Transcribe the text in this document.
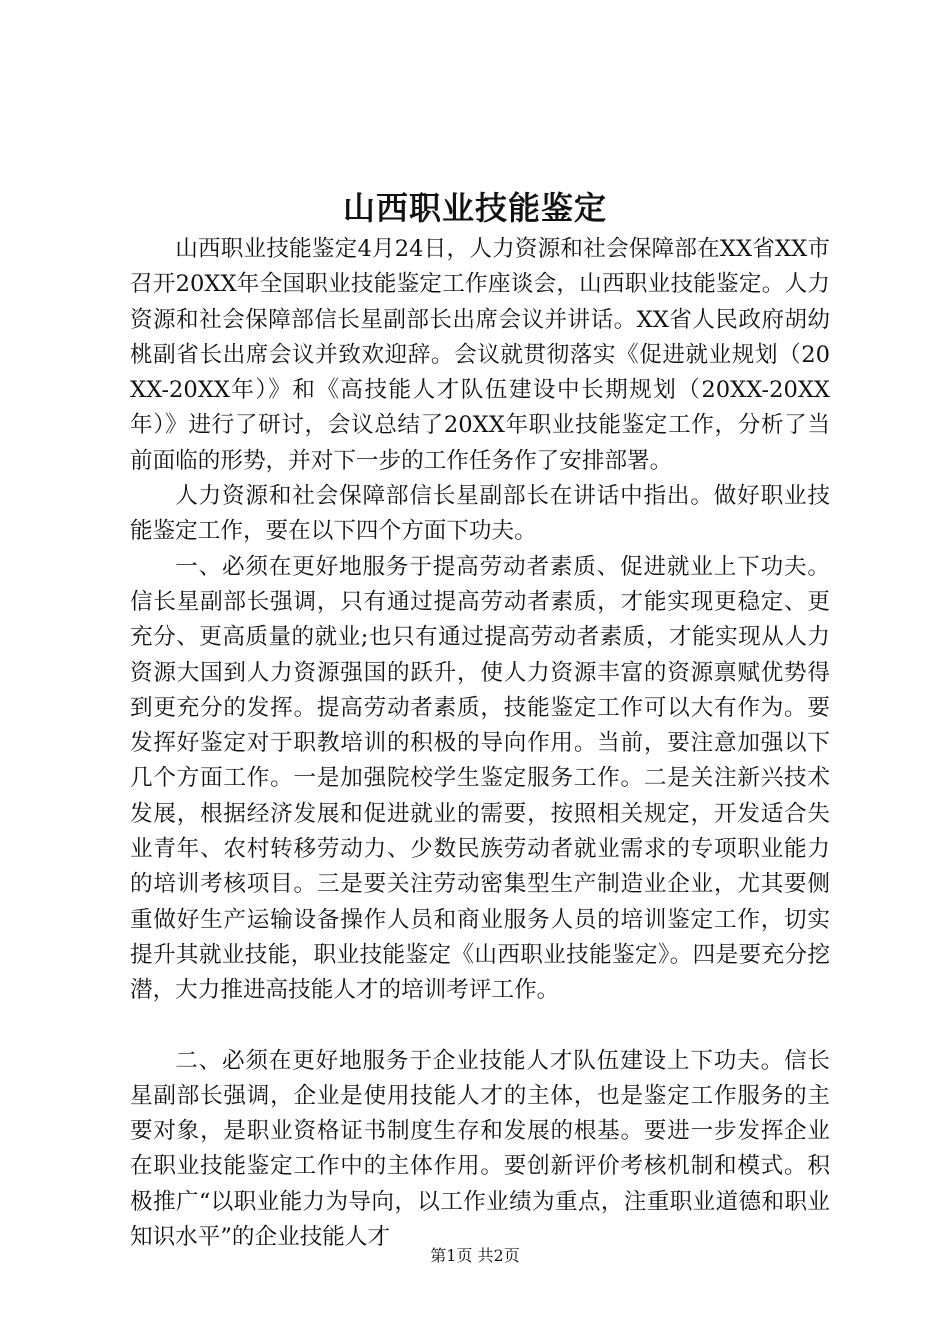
山西职业技能鉴定

山西职业技能鉴定4月24日，人力资源和社会保障部在XX省XX市召开20XX年全国职业技能鉴定工作座谈会，山西职业技能鉴定。人力资源和社会保障部信长星副部长出席会议并讲话。XX省人民政府胡幼桃副省长出席会议并致欢迎辞。会议就贯彻落实《促进就业规划（20XX-20XX年）》和《高技能人才队伍建设中长期规划（20XX-20XX年）》进行了研讨，会议总结了20XX年职业技能鉴定工作，分析了当前面临的形势，并对下一步的工作任务作了安排部署。

人力资源和社会保障部信长星副部长在讲话中指出。做好职业技能鉴定工作，要在以下四个方面下功夫。

一、必须在更好地服务于提高劳动者素质、促进就业上下功夫。信长星副部长强调，只有通过提高劳动者素质，才能实现更稳定、更充分、更高质量的就业;也只有通过提高劳动者素质，才能实现从人力资源大国到人力资源强国的跃升，使人力资源丰富的资源禀赋优势得到更充分的发挥。提高劳动者素质，技能鉴定工作可以大有作为。要发挥好鉴定对于职教培训的积极的导向作用。当前，要注意加强以下几个方面工作。一是加强院校学生鉴定服务工作。二是关注新兴技术发展，根据经济发展和促进就业的需要，按照相关规定，开发适合失业青年、农村转移劳动力、少数民族劳动者就业需求的专项职业能力的培训考核项目。三是要关注劳动密集型生产制造业企业，尤其要侧重做好生产运输设备操作人员和商业服务人员的培训鉴定工作，切实提升其就业技能，职业技能鉴定《山西职业技能鉴定》。四是要充分挖潜，大力推进高技能人才的培训考评工作。

二、必须在更好地服务于企业技能人才队伍建设上下功夫。信长星副部长强调，企业是使用技能人才的主体，也是鉴定工作服务的主要对象，是职业资格证书制度生存和发展的根基。要进一步发挥企业在职业技能鉴定工作中的主体作用。要创新评价考核机制和模式。积极推广“以职业能力为导向，以工作业绩为重点，注重职业道德和职业知识水平”的企业技能人才

第1页 共2页
